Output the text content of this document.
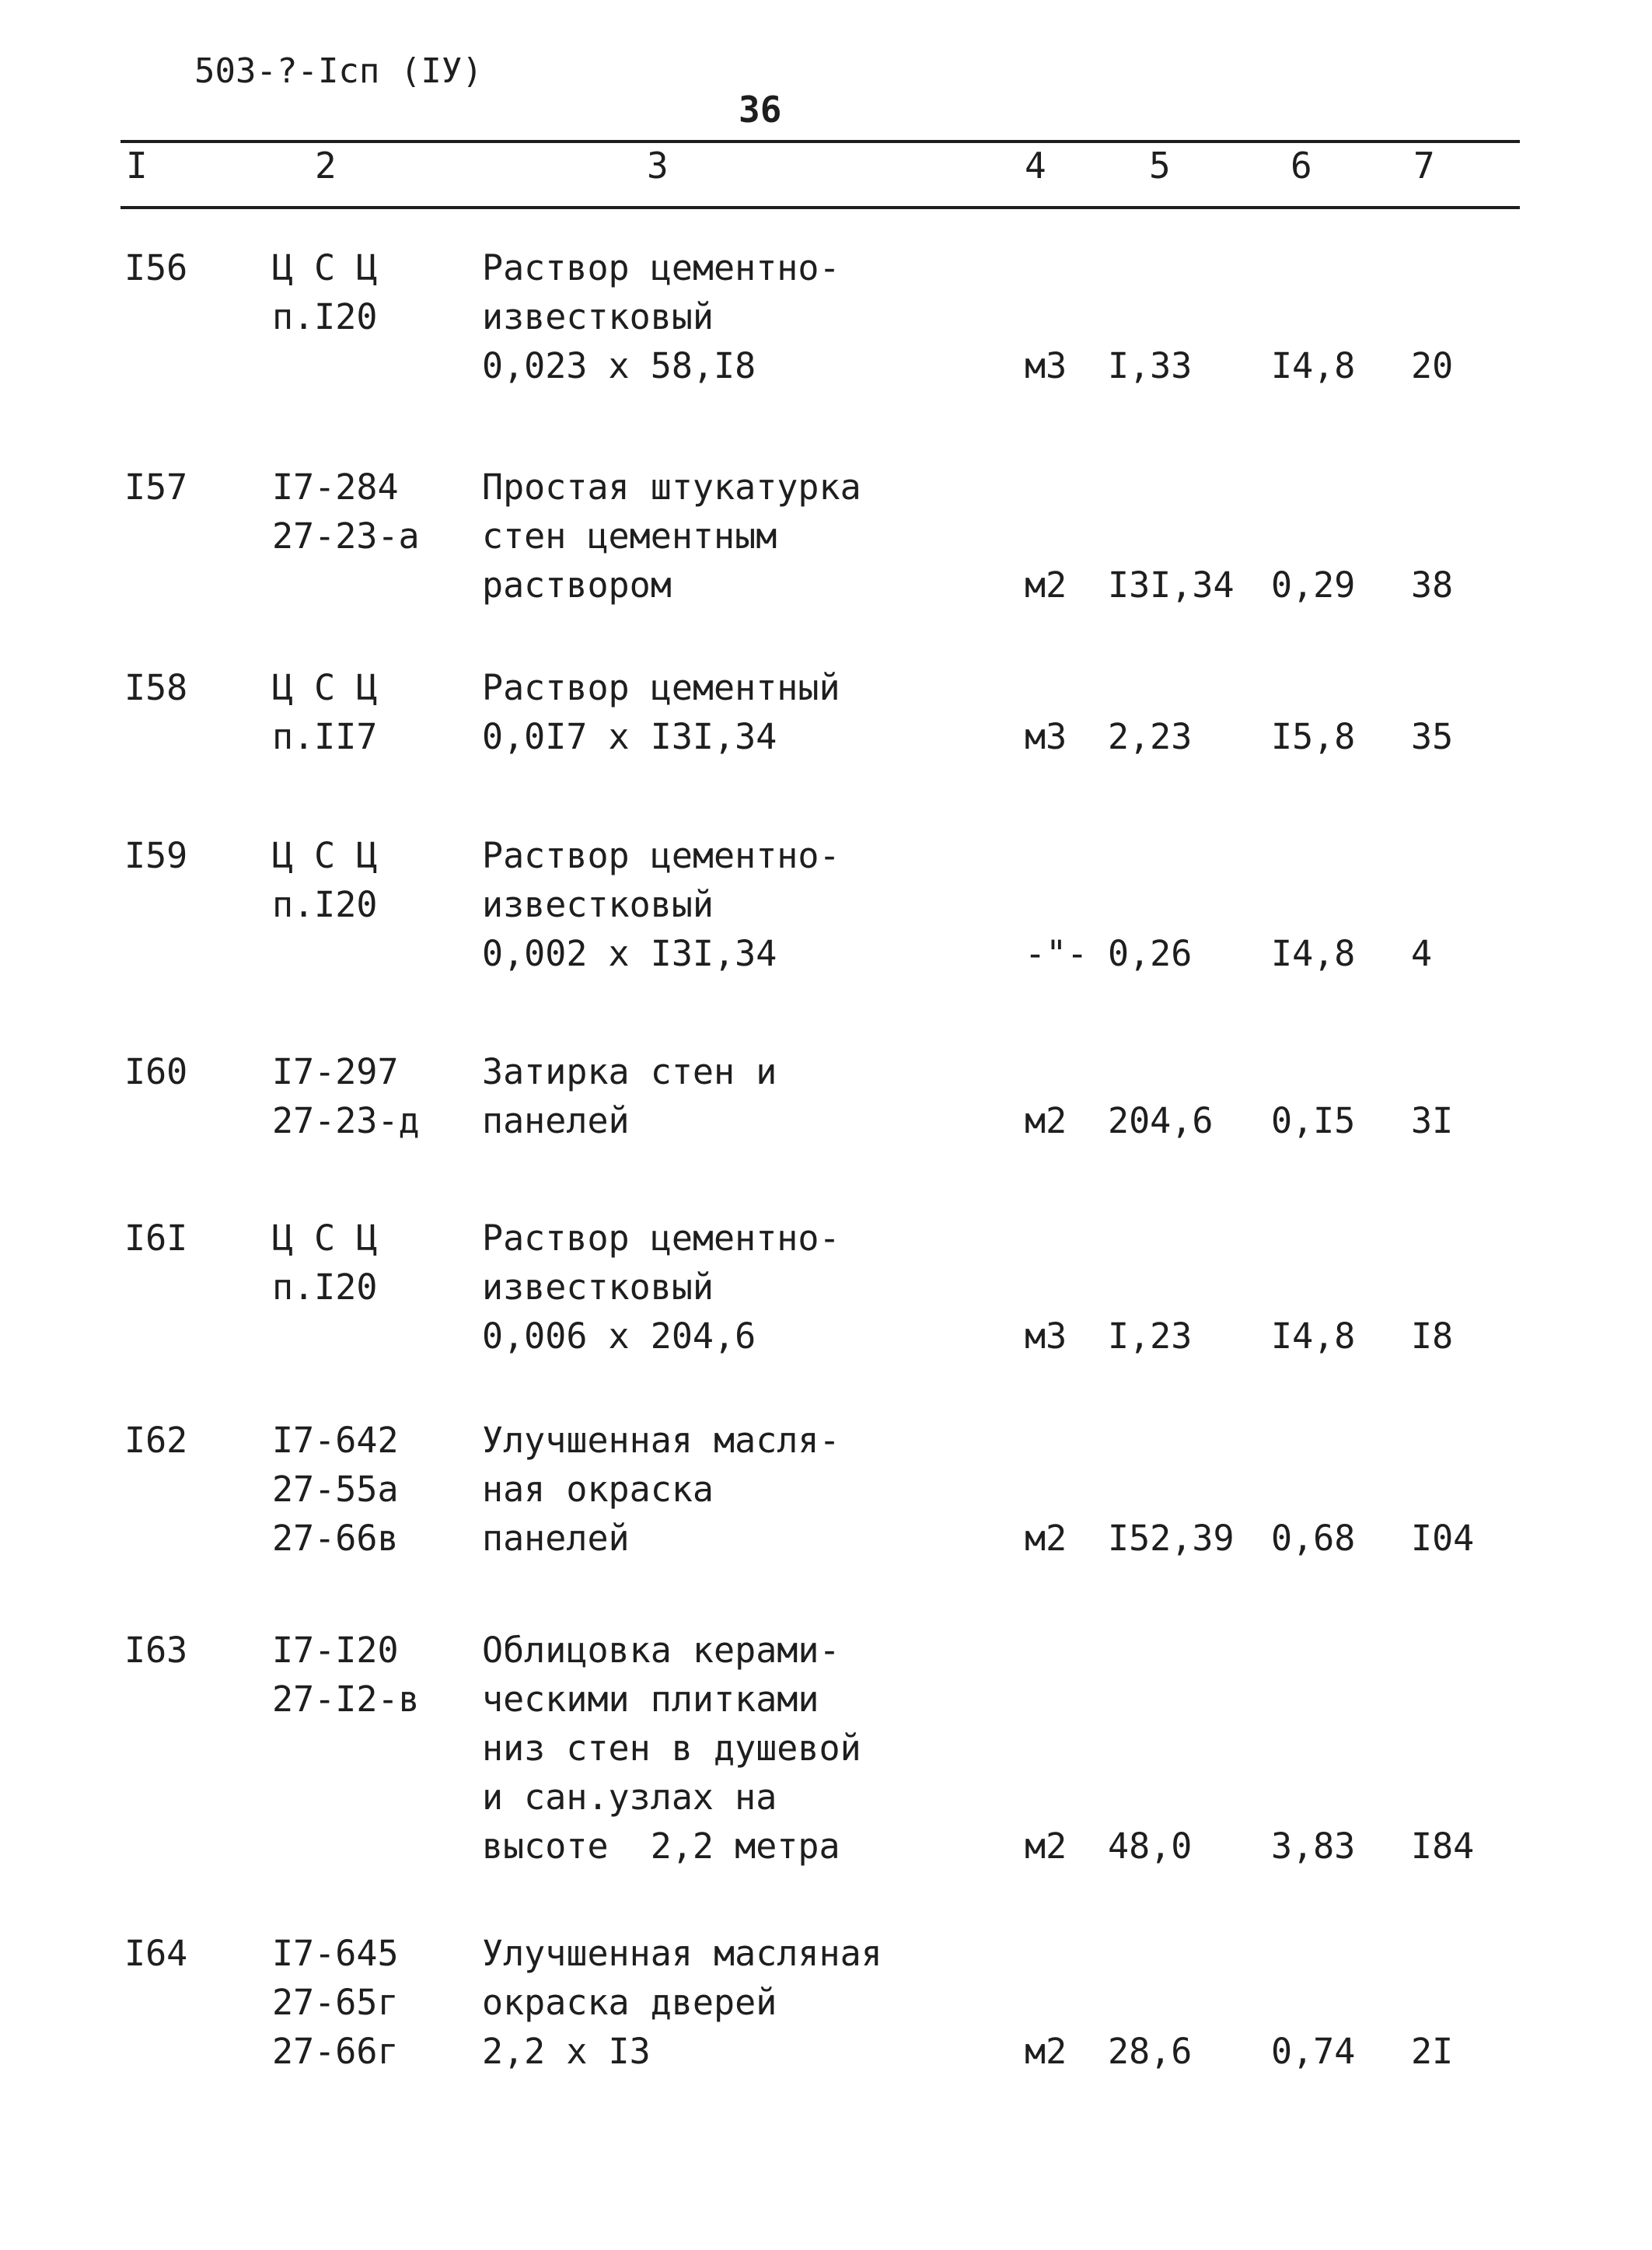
503-?-Iсп (IУ)
36
I	2	3	4	5	6	7
I56 Ц С Ц
п.I20
Раствор цементно-
известковый
0,023 x 58,I8	м3 I,33 I4,8 20
I57 I7-284
27-23-а
Простая штукатурка
стен цементным
раствором	м2 I3I,34 0,29 38
I58 Ц С Ц
п.II7
Раствор цементный
0,0I7 x I3I,34	м3 2,23 I5,8 35
I59 Ц С Ц
п.I20
Раствор цементно-
известковый
0,002 x I3I,34	-"- 0,26 I4,8 4
I60 I7-297
27-23-д
Затирка стен и
панелей	м2 204,6 0,I5 3I
I6I Ц С Ц
п.I20
Раствор цементно-
известковый
0,006 x 204,6	м3 I,23 I4,8 I8
I62 I7-642
27-55а
27-66в
Улучшенная масля-
ная окраска
панелей	м2 I52,39 0,68 I04
I63 I7-I20
27-I2-в
Облицовка керами-
ческими плитками
низ стен в душевой
и сан.узлах на
высоте  2,2 метра	м2 48,0 3,83 I84
I64 I7-645
27-65г
27-66г
Улучшенная масляная
окраска дверей
2,2 x I3	м2 28,6 0,74 2I
